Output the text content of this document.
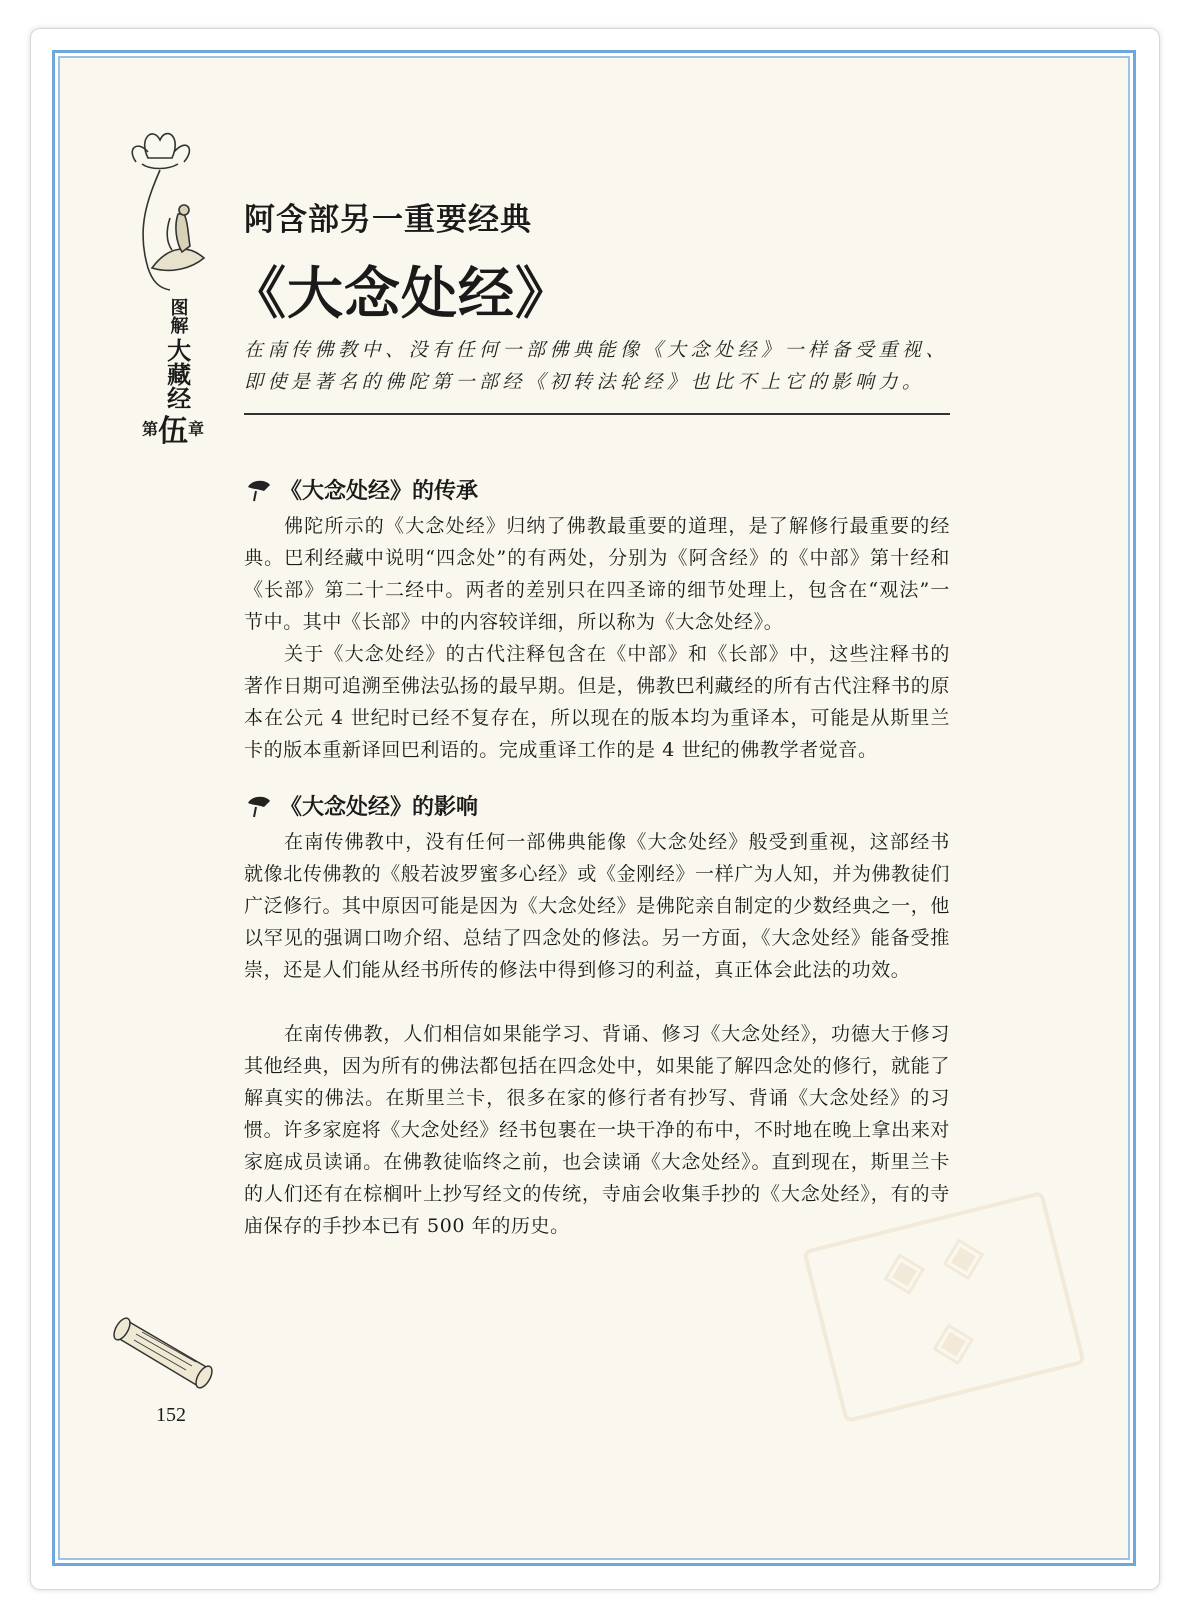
图解
大藏经
第伍章
阿含部另一重要经典
《大念处经》
在南传佛教中、没有任何一部佛典能像《大念处经》一样备受重视、即使是著名的佛陀第一部经《初转法轮经》也比不上它的影响力。
《大念处经》的传承
佛陀所示的《大念处经》归纳了佛教最重要的道理，是了解修行最重要的经典。巴利经藏中说明“四念处”的有两处，分别为《阿含经》的《中部》第十经和《长部》第二十二经中。两者的差别只在四圣谛的细节处理上，包含在“观法”一节中。其中《长部》中的内容较详细，所以称为《大念处经》。
关于《大念处经》的古代注释包含在《中部》和《长部》中，这些注释书的著作日期可追溯至佛法弘扬的最早期。但是，佛教巴利藏经的所有古代注释书的原本在公元 4 世纪时已经不复存在，所以现在的版本均为重译本，可能是从斯里兰卡的版本重新译回巴利语的。完成重译工作的是 4 世纪的佛教学者觉音。
《大念处经》的影响
在南传佛教中，没有任何一部佛典能像《大念处经》般受到重视，这部经书就像北传佛教的《般若波罗蜜多心经》或《金刚经》一样广为人知，并为佛教徒们广泛修行。其中原因可能是因为《大念处经》是佛陀亲自制定的少数经典之一，他以罕见的强调口吻介绍、总结了四念处的修法。另一方面，《大念处经》能备受推崇，还是人们能从经书所传的修法中得到修习的利益，真正体会此法的功效。
在南传佛教，人们相信如果能学习、背诵、修习《大念处经》，功德大于修习其他经典，因为所有的佛法都包括在四念处中，如果能了解四念处的修行，就能了解真实的佛法。在斯里兰卡，很多在家的修行者有抄写、背诵《大念处经》的习惯。许多家庭将《大念处经》经书包裹在一块干净的布中，不时地在晚上拿出来对家庭成员读诵。在佛教徒临终之前，也会读诵《大念处经》。直到现在，斯里兰卡的人们还有在棕榈叶上抄写经文的传统，寺庙会收集手抄的《大念处经》，有的寺庙保存的手抄本已有 500 年的历史。	◈ ◈
◈
152
